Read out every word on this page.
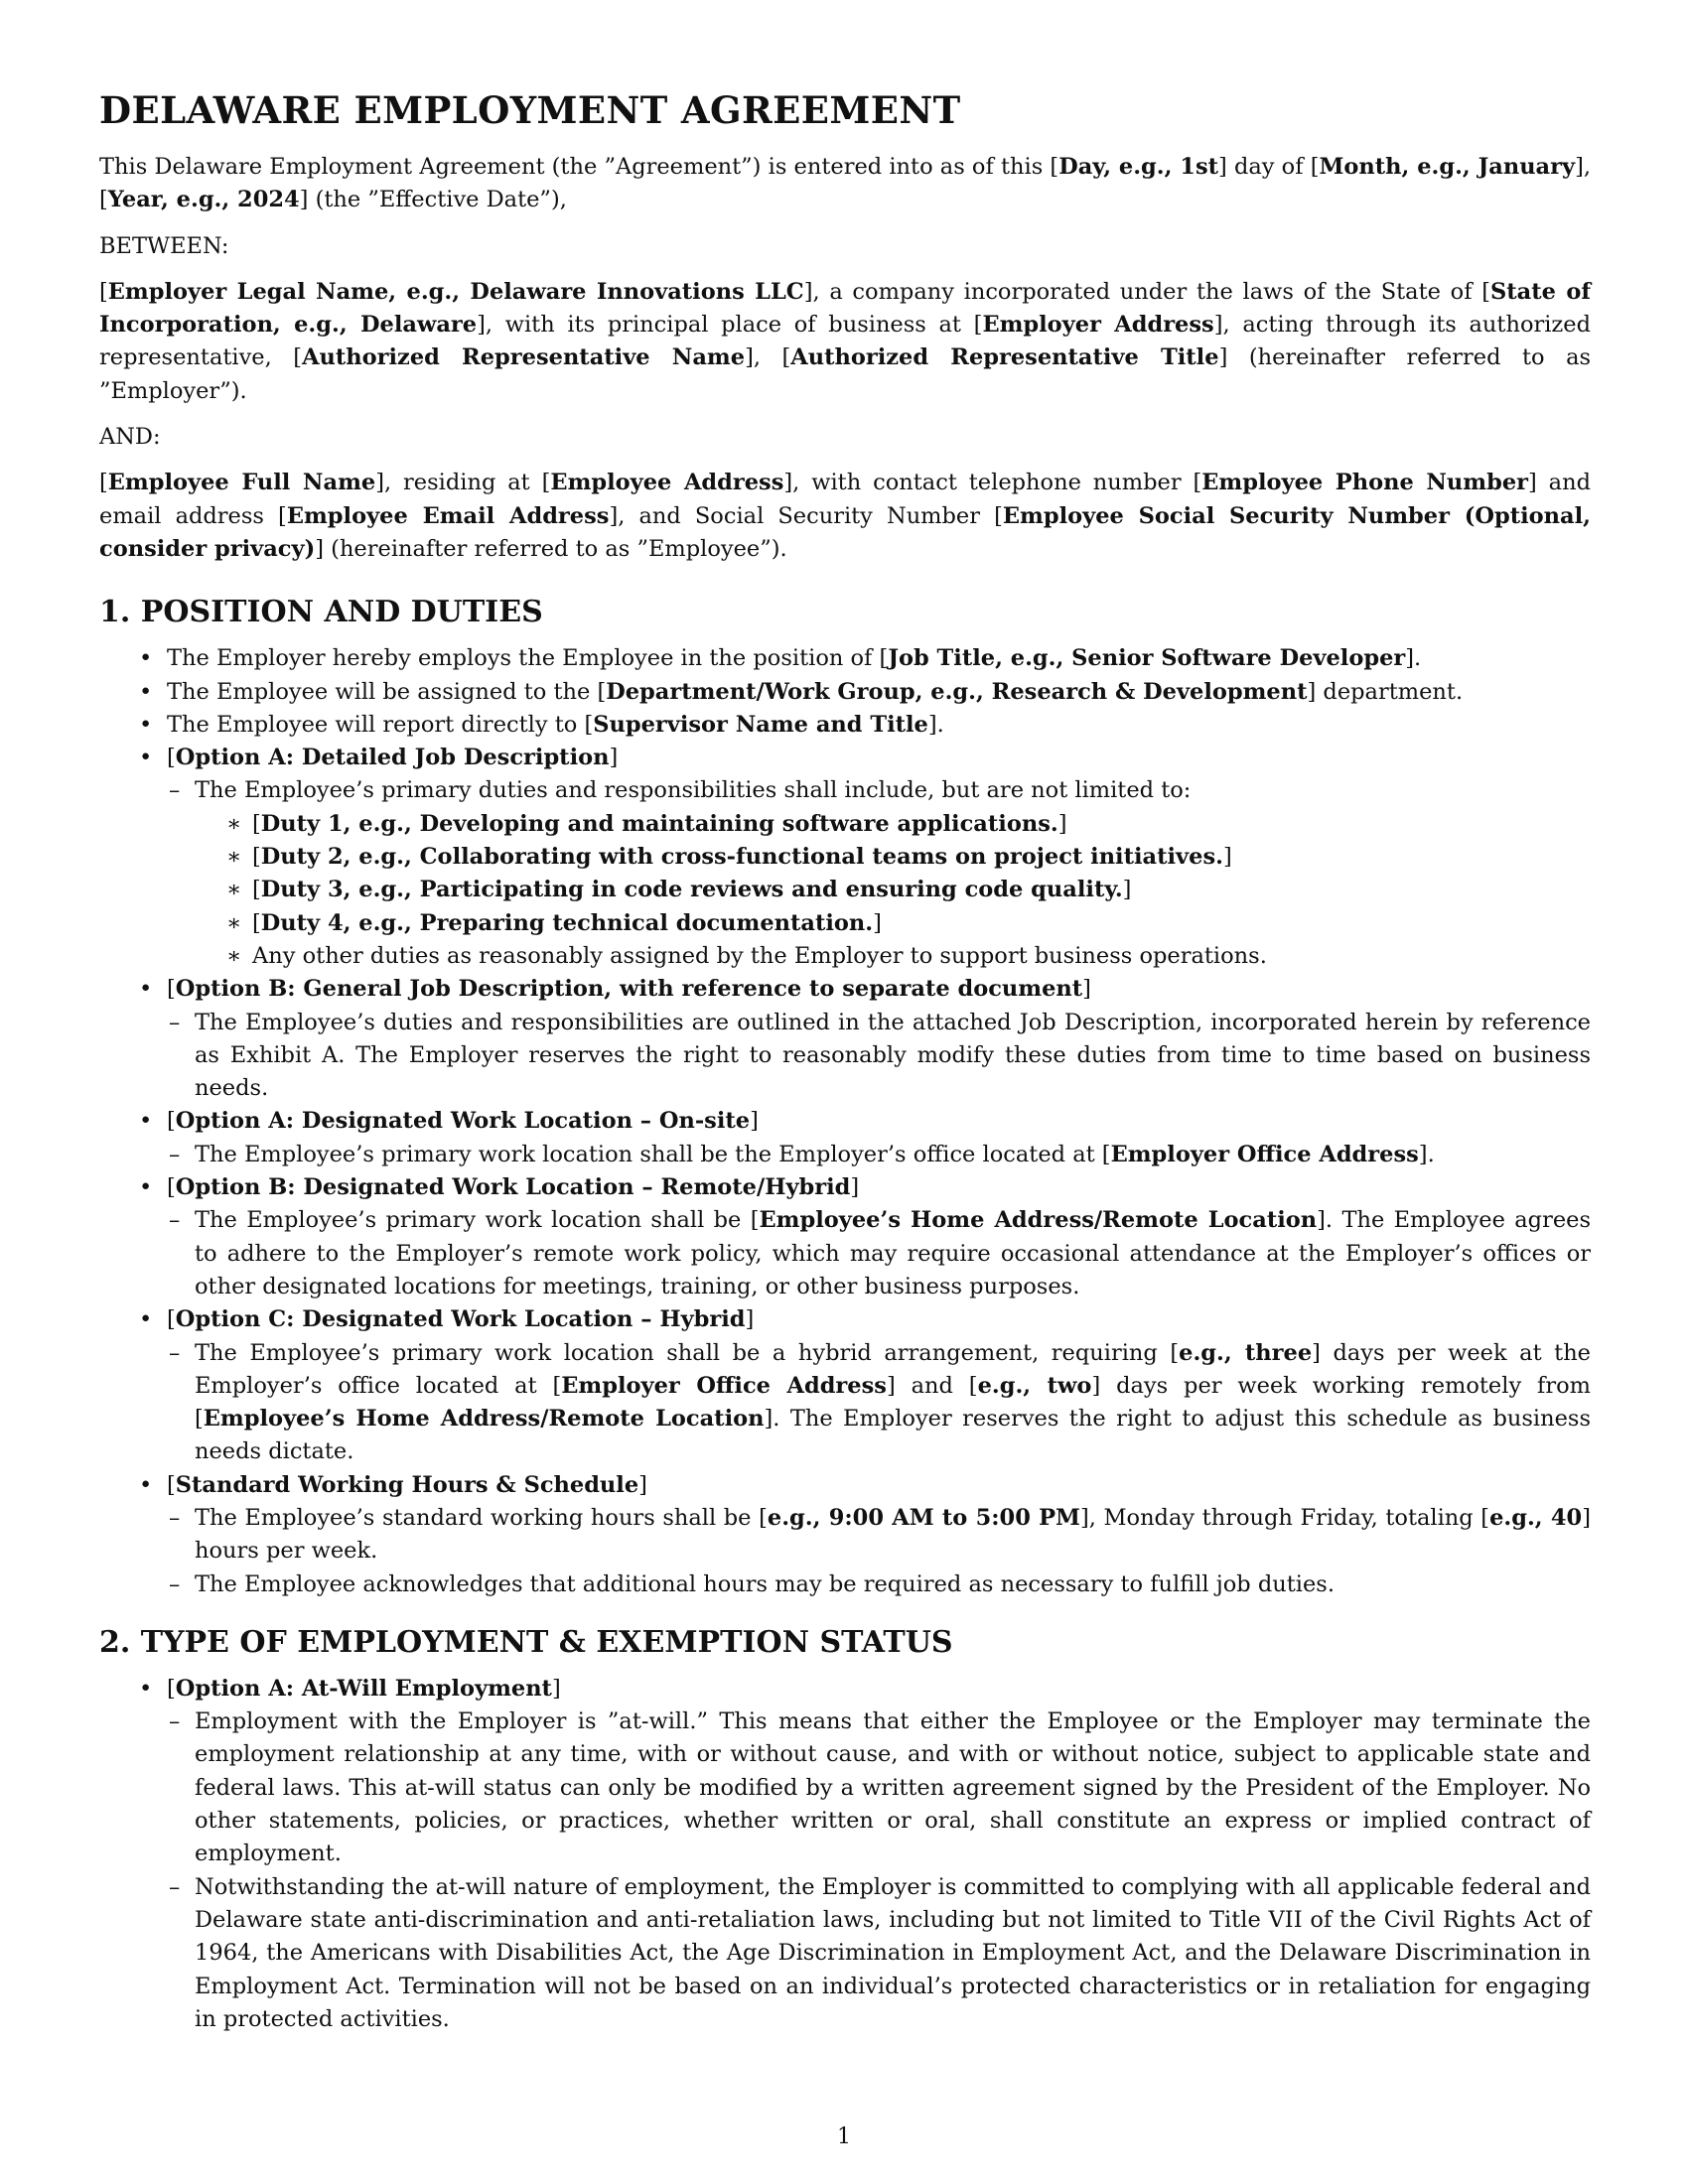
DELAWARE EMPLOYMENT AGREEMENT

This Delaware Employment Agreement (the ”Agreement”) is entered into as of this [Day, e.g., 1st] day of [Month, e.g., January], [Year, e.g., 2024] (the ”Effective Date”),

BETWEEN:

[Employer Legal Name, e.g., Delaware Innovations LLC], a company incorporated under the laws of the State of [State of Incorporation, e.g., Delaware], with its principal place of business at [Employer Address], acting through its authorized representative, [Authorized Representative Name], [Authorized Representative Title] (hereinafter referred to as ”Employer”).

AND:

[Employee Full Name], residing at [Employee Address], with contact telephone number [Employee Phone Number] and email address [Employee Email Address], and Social Security Number [Employee Social Security Number (Optional, consider privacy)] (hereinafter referred to as ”Employee”).

1. POSITION AND DUTIES
• The Employer hereby employs the Employee in the position of [Job Title, e.g., Senior Software Developer].
• The Employee will be assigned to the [Department/Work Group, e.g., Research & Development] department.
• The Employee will report directly to [Supervisor Name and Title].
• [Option A: Detailed Job Description]
– The Employee’s primary duties and responsibilities shall include, but are not limited to:
∗ [Duty 1, e.g., Developing and maintaining software applications.]
∗ [Duty 2, e.g., Collaborating with cross-functional teams on project initiatives.]
∗ [Duty 3, e.g., Participating in code reviews and ensuring code quality.]
∗ [Duty 4, e.g., Preparing technical documentation.]
∗ Any other duties as reasonably assigned by the Employer to support business operations.
• [Option B: General Job Description, with reference to separate document]
– The Employee’s duties and responsibilities are outlined in the attached Job Description, incorporated herein by reference as Exhibit A. The Employer reserves the right to reasonably modify these duties from time to time based on business needs.
• [Option A: Designated Work Location – On-site]
– The Employee’s primary work location shall be the Employer’s office located at [Employer Office Address].
• [Option B: Designated Work Location – Remote/Hybrid]
– The Employee’s primary work location shall be [Employee’s Home Address/Remote Location]. The Employee agrees to adhere to the Employer’s remote work policy, which may require occasional attendance at the Employer’s offices or other designated locations for meetings, training, or other business purposes.
• [Option C: Designated Work Location – Hybrid]
– The Employee’s primary work location shall be a hybrid arrangement, requiring [e.g., three] days per week at the Employer’s office located at [Employer Office Address] and [e.g., two] days per week working remotely from [Employee’s Home Address/Remote Location]. The Employer reserves the right to adjust this schedule as business needs dictate.
• [Standard Working Hours & Schedule]
– The Employee’s standard working hours shall be [e.g., 9:00 AM to 5:00 PM], Monday through Friday, totaling [e.g., 40] hours per week.
– The Employee acknowledges that additional hours may be required as necessary to fulfill job duties.
2. TYPE OF EMPLOYMENT & EXEMPTION STATUS
• [Option A: At-Will Employment]
– Employment with the Employer is ”at-will.” This means that either the Employee or the Employer may terminate the employment relationship at any time, with or without cause, and with or without notice, subject to applicable state and federal laws. This at-will status can only be modified by a written agreement signed by the President of the Employer. No other statements, policies, or practices, whether written or oral, shall constitute an express or implied contract of employment.
– Notwithstanding the at-will nature of employment, the Employer is committed to complying with all applicable federal and Delaware state anti-discrimination and anti-retaliation laws, including but not limited to Title VII of the Civil Rights Act of 1964, the Americans with Disabilities Act, the Age Discrimination in Employment Act, and the Delaware Discrimination in Employment Act. Termination will not be based on an individual’s protected characteristics or in retaliation for engaging in protected activities.
1
